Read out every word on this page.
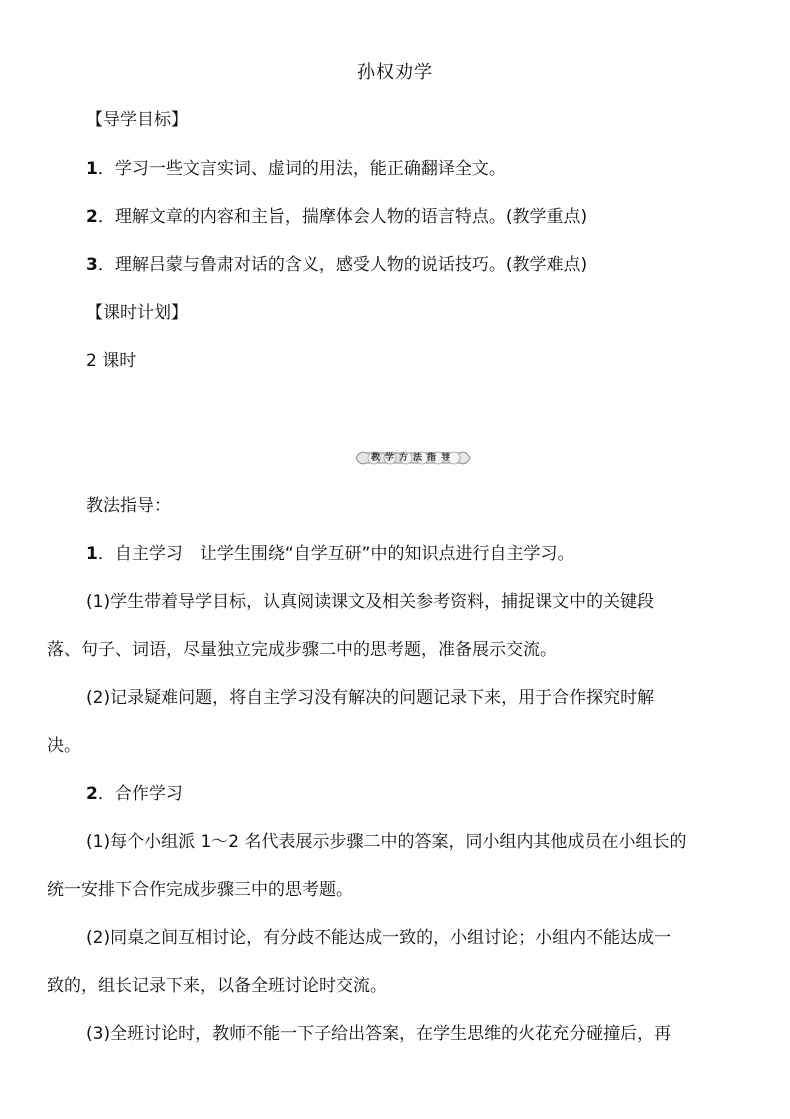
孙权劝学
【导学目标】
1．学习一些文言实词、虚词的用法，能正确翻译全文。
2．理解文章的内容和主旨，揣摩体会人物的语言特点。(教学重点)
3．理解吕蒙与鲁肃对话的含义，感受人物的说话技巧。(教学难点)
【课时计划】
2 课时
教学方法指导
教法指导：
1．自主学习　让学生围绕“自学互研”中的知识点进行自主学习。
(1)学生带着导学目标，认真阅读课文及相关参考资料，捕捉课文中的关键段
落、句子、词语，尽量独立完成步骤二中的思考题，准备展示交流。
(2)记录疑难问题，将自主学习没有解决的问题记录下来，用于合作探究时解
决。
2．合作学习
(1)每个小组派 1～2 名代表展示步骤二中的答案，同小组内其他成员在小组长的
统一安排下合作完成步骤三中的思考题。
(2)同桌之间互相讨论，有分歧不能达成一致的，小组讨论；小组内不能达成一
致的，组长记录下来，以备全班讨论时交流。
(3)全班讨论时，教师不能一下子给出答案，在学生思维的火花充分碰撞后，再
